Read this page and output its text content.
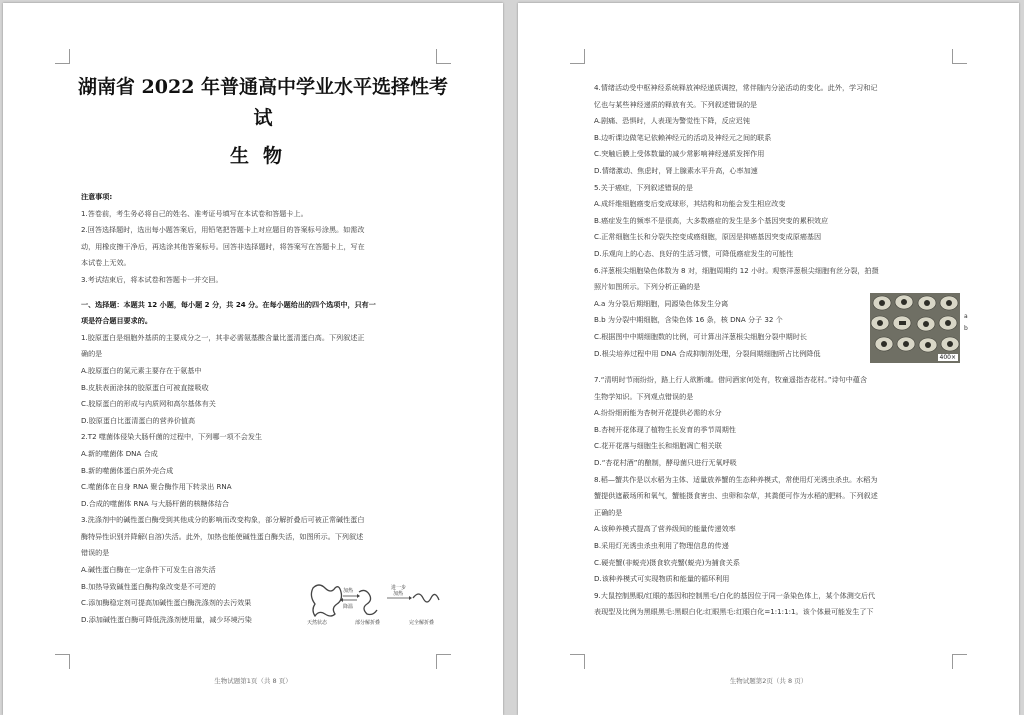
湖南省 2022 年普通高中学业水平选择性考
试
生物

注意事项:

1.答卷前，考生务必将自己的姓名、准考证号填写在本试卷和答题卡上。

2.回答选择题时，选出每小题答案后，用铅笔把答题卡上对应题目的答案标号涂黑。如需改

动，用橡皮擦干净后，再选涂其他答案标号。回答非选择题时，将答案写在答题卡上，写在

本试卷上无效。

3.考试结束后，将本试卷和答题卡一并交回。

一、选择题：本题共 12 小题，每小题 2 分，共 24 分。在每小题给出的四个选项中，只有一

项是符合题目要求的。

1.胶原蛋白是细胞外基质的主要成分之一，其非必需氨基酸含量比蛋清蛋白高。下列叙述正

确的是

A.胶原蛋白的氮元素主要存在于氨基中

B.皮肤表面涂抹的胶原蛋白可被直接吸收

C.胶原蛋白的形成与内质网和高尔基体有关

D.胶原蛋白比蛋清蛋白的营养价值高

2.T2 噬菌体侵染大肠杆菌的过程中，下列哪一项不会发生

A.新的噬菌体 DNA 合成

B.新的噬菌体蛋白质外壳合成

C.噬菌体在自身 RNA 聚合酶作用下转录出 RNA

D.合成的噬菌体 RNA 与大肠杆菌的核糖体结合

3.洗涤剂中的碱性蛋白酶受到其他成分的影响而改变构象，部分解折叠后可被正常碱性蛋白

酶特异性识别并降解(自溶)失活。此外，加热也能使碱性蛋白酶失活，如图所示。下列叙述

错误的是

A.碱性蛋白酶在一定条件下可发生自溶失活

B.加热导致碱性蛋白酶构象改变是不可逆的

C.添加酶稳定剂可提高加碱性蛋白酶洗涤剂的去污效果

D.添加碱性蛋白酶可降低洗涤剂使用量，减少环境污染

加热
降温
进一步
加热
天然状态	部分解折叠	完全解折叠
生物试题第1页（共 8 页）

4.情绪活动受中枢神经系统释放神经递质调控，常伴随内分泌活动的变化。此外，学习和记

忆也与某些神经递质的释放有关。下列叙述错误的是

A.剧痛、恐惧时，人表现为警觉性下降，反应迟钝

B.边听课边做笔记依赖神经元的活动及神经元之间的联系

C.突触后膜上受体数量的减少常影响神经递质发挥作用

D.情绪激动、焦虑时，肾上腺素水平升高，心率加速

5.关于癌症，下列叙述错误的是

A.成纤维细胞癌变后变成球形，其结构和功能会发生相应改变

B.癌症发生的频率不是很高，大多数癌症的发生是多个基因突变的累积效应

C.正常细胞生长和分裂失控变成癌细胞，原因是抑癌基因突变成原癌基因

D.乐观向上的心态、良好的生活习惯，可降低癌症发生的可能性

6.洋葱根尖细胞染色体数为 8 对，细胞周期约 12 小时。观察洋葱根尖细胞有丝分裂，拍摄

照片如图所示。下列分析正确的是

A.a 为分裂后期细胞，同源染色体发生分离

B.b 为分裂中期细胞，含染色体 16 条，核 DNA 分子 32 个

C.根据图中中期细胞数的比例，可计算出洋葱根尖细胞分裂中期时长

D.根尖培养过程中用 DNA 合成抑制剂处理，分裂间期细胞所占比例降低

7.“清明时节雨纷纷，路上行人欲断魂。借问酒家何处有，牧童遥指杏花村。”诗句中蕴含

生物学知识。下列观点错误的是

A.纷纷细雨能为杏树开花提供必需的水分

B.杏树开花体现了植物生长发育的季节周期性

C.花开花落与细胞生长和细胞凋亡相关联

D.“杏花村酒”的酿制，酵母菌只进行无氧呼吸

8.稻—蟹共作是以水稻为主体、适量放养蟹的生态种养模式，常使用灯光诱虫杀虫。水稻为

蟹提供遮蔽场所和氧气，蟹能摄食害虫、虫卵和杂草，其粪便可作为水稻的肥料。下列叙述

正确的是

A.该种养模式提高了营养级间的能量传递效率

B.采用灯光诱虫杀虫利用了物理信息的传递

C.硬壳蟹(非蜕壳)摄食软壳蟹(蜕壳)为捕食关系

D.该种养模式可实现物质和能量的循环利用

9.大鼠控制黑眼/红眼的基因和控制黑毛/白化的基因位于同一条染色体上，某个体测交后代

表现型及比例为黑眼黑毛:黑眼白化:红眼黑毛:红眼白化=1:1:1:1。该个体最可能发生了下

400×
a
b
生物试题第2页（共 8 页）
